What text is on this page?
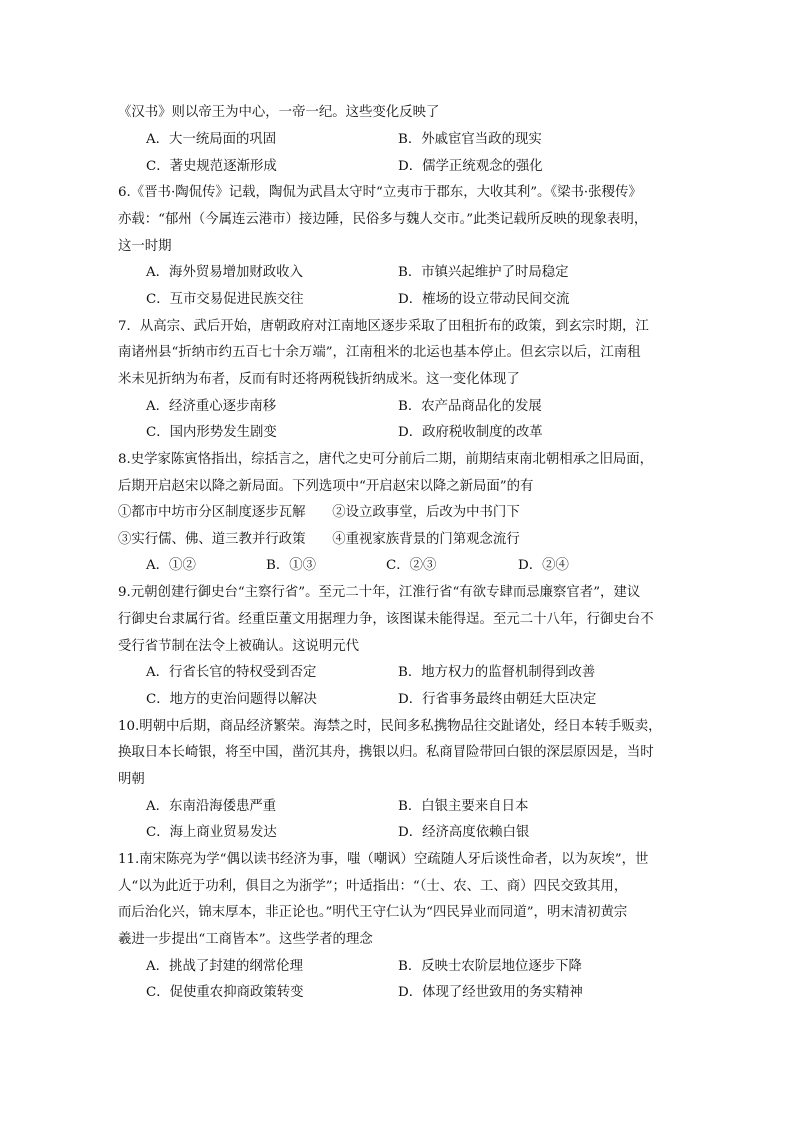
《汉书》则以帝王为中心，一帝一纪。这些变化反映了
A．大一统局面的巩固	B．外戚宦官当政的现实
C．著史规范逐渐形成	D．儒学正统观念的强化
6.《晋书·陶侃传》记载，陶侃为武昌太守时“立夷市于郡东，大收其利”。《梁书·张稷传》
亦载：“郁州（今属连云港市）接边陲，民俗多与魏人交市。”此类记载所反映的现象表明，
这一时期
A．海外贸易增加财政收入	B．市镇兴起维护了时局稳定
C．互市交易促进民族交往	D．榷场的设立带动民间交流
7．从高宗、武后开始，唐朝政府对江南地区逐步采取了田租折布的政策，到玄宗时期，江
南诸州县“折纳市约五百七十余万端”，江南租米的北运也基本停止。但玄宗以后，江南租
米未见折纳为布者，反而有时还将两税钱折纳成米。这一变化体现了
A．经济重心逐步南移	B．农产品商品化的发展
C．国内形势发生剧变	D．政府税收制度的改革
8.史学家陈寅恪指出，综括言之，唐代之史可分前后二期，前期结束南北朝相承之旧局面，
后期开启赵宋以降之新局面。下列选项中“开启赵宋以降之新局面”的有
①都市中坊市分区制度逐步瓦解　　②设立政事堂，后改为中书门下
③实行儒、佛、道三教并行政策　　④重视家族背景的门第观念流行
A．①②	B．①③	C．②③	D．②④
9.元朝创建行御史台“主察行省”。至元二十年，江淮行省“有欲专肆而忌廉察官者”，建议
行御史台隶属行省。经重臣董文用据理力争，该图谋未能得逞。至元二十八年，行御史台不
受行省节制在法令上被确认。这说明元代
A．行省长官的特权受到否定	B．地方权力的监督机制得到改善
C．地方的吏治问题得以解决	D．行省事务最终由朝廷大臣决定
10.明朝中后期，商品经济繁荣。海禁之时，民间多私携物品往交趾诸处，经日本转手贩卖，
换取日本长崎银，将至中国，凿沉其舟，携银以归。私商冒险带回白银的深层原因是，当时
明朝
A．东南沿海倭患严重	B．白银主要来自日本
C．海上商业贸易发达	D．经济高度依赖白银
11.南宋陈亮为学“偶以读书经济为事，嗤（嘲讽）空疏随人牙后谈性命者，以为灰埃”，世
人“以为此近于功利，俱目之为浙学”；叶适指出：“（士、农、工、商）四民交致其用，
而后治化兴，锦末厚本，非正论也。”明代王守仁认为“四民异业而同道”，明末清初黄宗
羲进一步提出“工商皆本”。这些学者的理念
A．挑战了封建的纲常伦理	B．反映士农阶层地位逐步下降
C．促使重农抑商政策转变	D．体现了经世致用的务实精神
